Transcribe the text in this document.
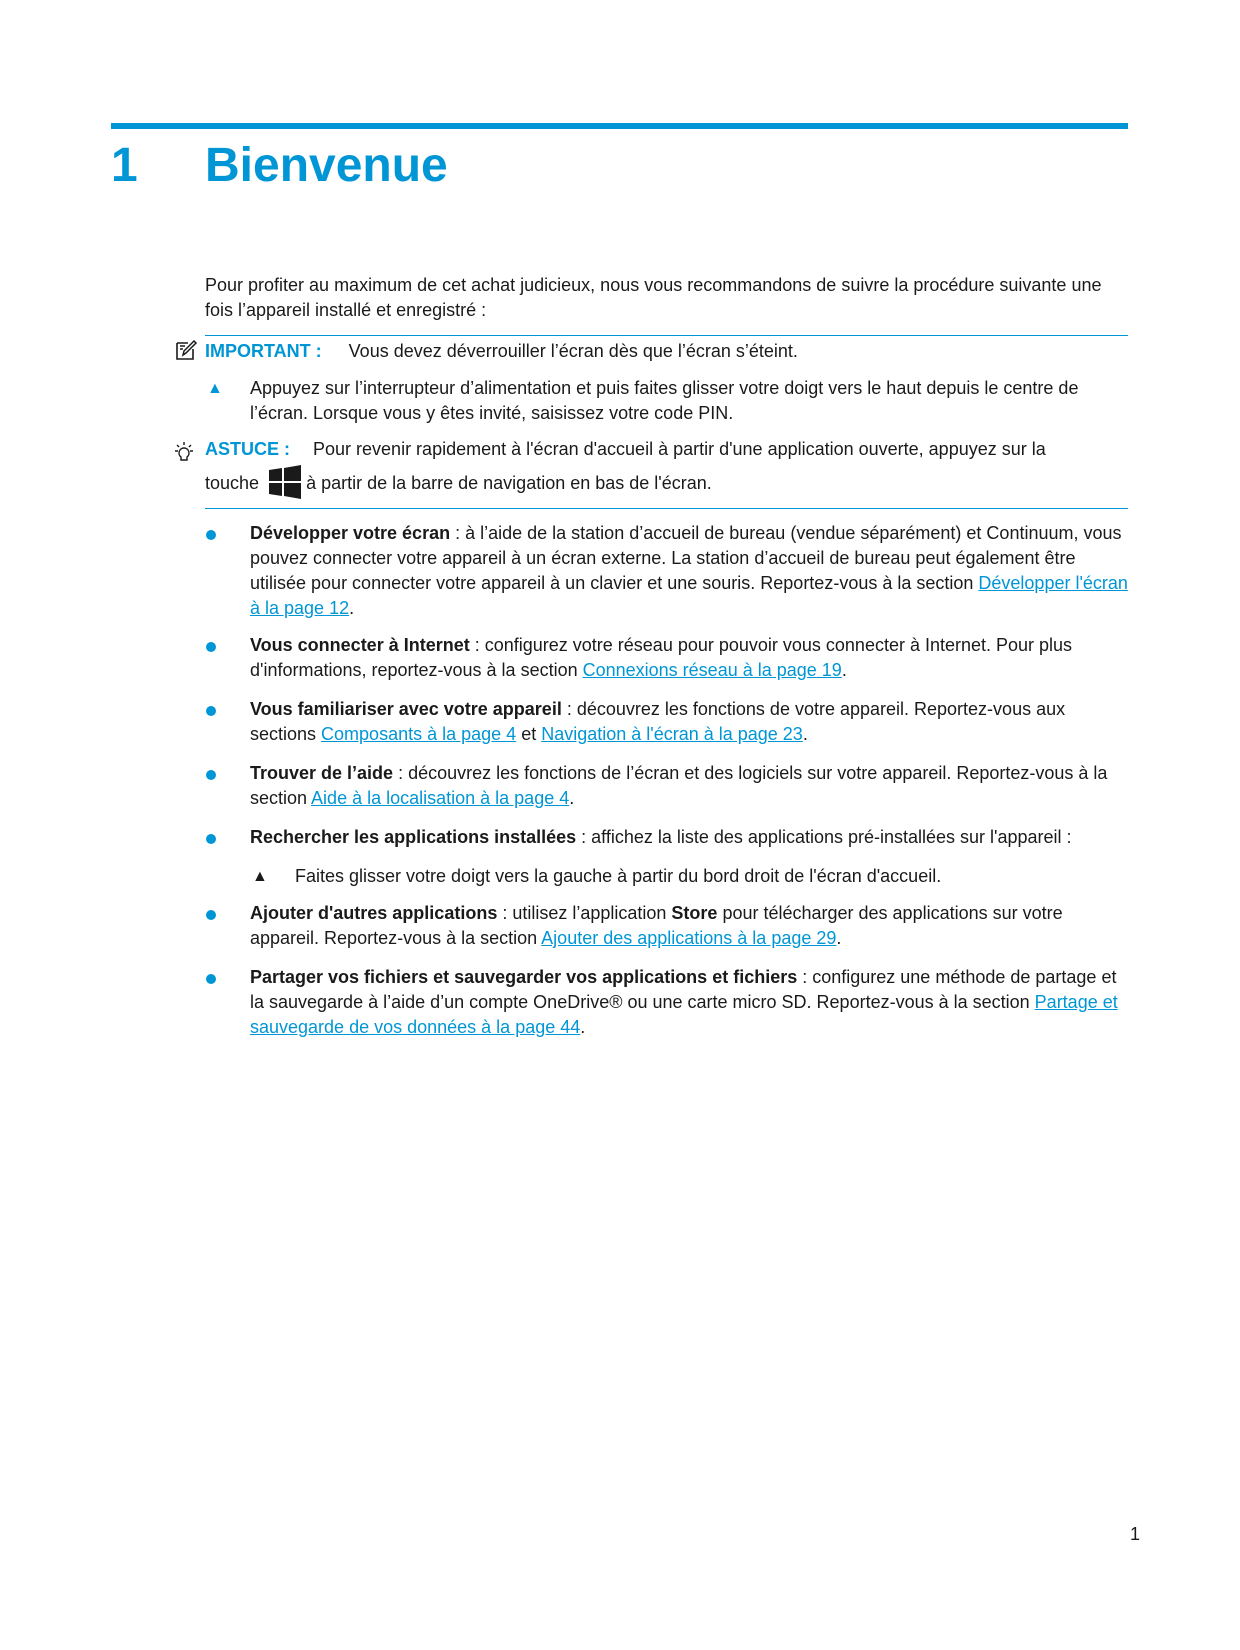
1 Bienvenue
Pour profiter au maximum de cet achat judicieux, nous vous recommandons de suivre la procédure suivante une fois l’appareil installé et enregistré :
IMPORTANT : Vous devez déverrouiller l’écran dès que l’écran s’éteint.
▲ Appuyez sur l’interrupteur d’alimentation et puis faites glisser votre doigt vers le haut depuis le centre de l’écran. Lorsque vous y êtes invité, saisissez votre code PIN.
ASTUCE : Pour revenir rapidement à l'écran d'accueil à partir d'une application ouverte, appuyez sur la
touche	à partir de la barre de navigation en bas de l'écran.
Développer votre écran : à l’aide de la station d’accueil de bureau (vendue séparément) et Continuum, vous pouvez connecter votre appareil à un écran externe. La station d’accueil de bureau peut également être utilisée pour connecter votre appareil à un clavier et une souris. Reportez-vous à la section Développer l'écran à la page 12.
Vous connecter à Internet : configurez votre réseau pour pouvoir vous connecter à Internet. Pour plus d'informations, reportez-vous à la section Connexions réseau à la page 19.
Vous familiariser avec votre appareil : découvrez les fonctions de votre appareil. Reportez-vous aux sections Composants à la page 4 et Navigation à l'écran à la page 23.
Trouver de l’aide : découvrez les fonctions de l’écran et des logiciels sur votre appareil. Reportez-vous à la section Aide à la localisation à la page 4.
Rechercher les applications installées : affichez la liste des applications pré-installées sur l'appareil :
▲ Faites glisser votre doigt vers la gauche à partir du bord droit de l'écran d'accueil.
Ajouter d'autres applications : utilisez l’application Store pour télécharger des applications sur votre appareil. Reportez-vous à la section Ajouter des applications à la page 29.
Partager vos fichiers et sauvegarder vos applications et fichiers : configurez une méthode de partage et la sauvegarde à l’aide d’un compte OneDrive® ou une carte micro SD. Reportez-vous à la section Partage et sauvegarde de vos données à la page 44.
1
